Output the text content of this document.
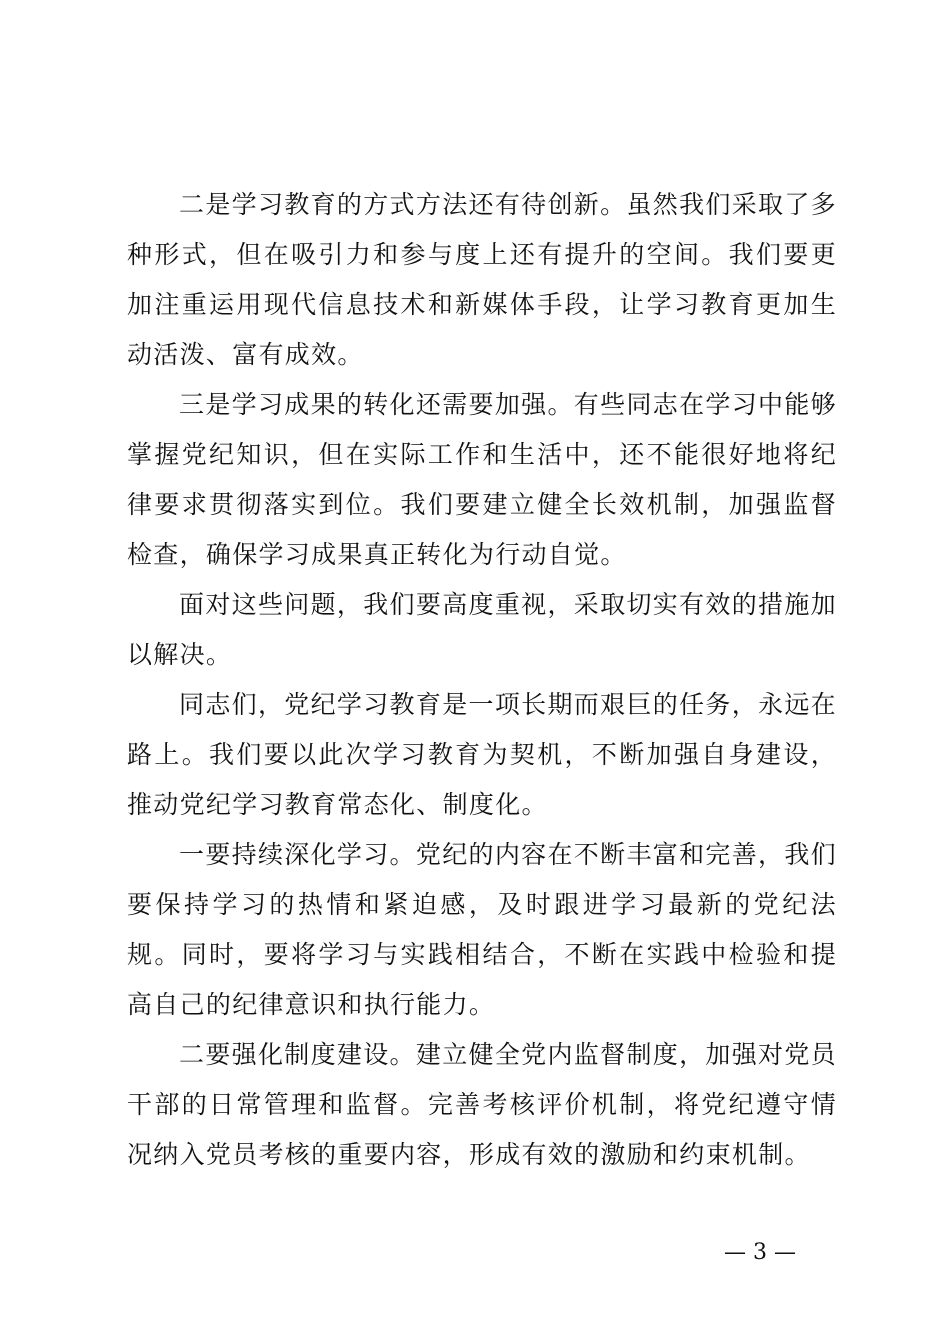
二是学习教育的方式方法还有待创新。虽然我们采取了多种形式，但在吸引力和参与度上还有提升的空间。我们要更加注重运用现代信息技术和新媒体手段，让学习教育更加生动活泼、富有成效。

三是学习成果的转化还需要加强。有些同志在学习中能够掌握党纪知识，但在实际工作和生活中，还不能很好地将纪律要求贯彻落实到位。我们要建立健全长效机制，加强监督检查，确保学习成果真正转化为行动自觉。

面对这些问题，我们要高度重视，采取切实有效的措施加以解决。

同志们，党纪学习教育是一项长期而艰巨的任务，永远在路上。我们要以此次学习教育为契机，不断加强自身建设，推动党纪学习教育常态化、制度化。

一要持续深化学习。党纪的内容在不断丰富和完善，我们要保持学习的热情和紧迫感，及时跟进学习最新的党纪法规。同时，要将学习与实践相结合，不断在实践中检验和提高自己的纪律意识和执行能力。

二要强化制度建设。建立健全党内监督制度，加强对党员干部的日常管理和监督。完善考核评价机制，将党纪遵守情况纳入党员考核的重要内容，形成有效的激励和约束机制。

— 3 —
